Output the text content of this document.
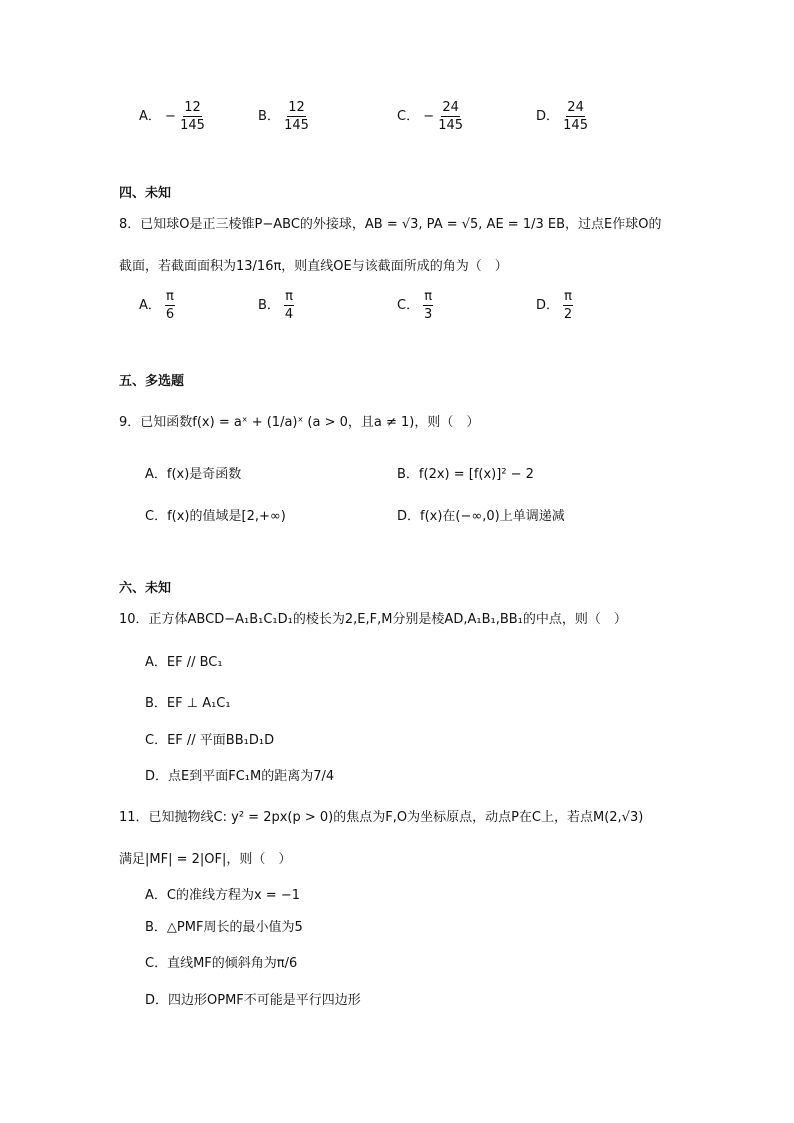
A． − $\frac{12}{145}$	B． $\frac{12}{145}$	C． − $\frac{24}{145}$	D． $\frac{24}{145}$
四、未知
8．已知球O是正三棱锥P−ABC的外接球，AB = √3, PA = √5, AE = 1/3 EB，过点E作球O的
截面，若截面面积为13/16π，则直线OE与该截面所成的角为（　）
A． $\frac{\pi}{6}$	B． $\frac{\pi}{4}$	C． $\frac{\pi}{3}$	D． $\frac{\pi}{2}$
五、多选题
9．已知函数f(x) = aˣ + (1/a)ˣ (a > 0，且a ≠ 1)，则（　）
A．f(x)是奇函数	B．f(2x) = [f(x)]² − 2
C．f(x)的值域是[2,+∞)	D．f(x)在(−∞,0)上单调递减
六、未知
10．正方体ABCD−A₁B₁C₁D₁的棱长为2,E,F,M分别是棱AD,A₁B₁,BB₁的中点，则（　）
A．EF // BC₁
B．EF ⊥ A₁C₁
C．EF // 平面BB₁D₁D
D．点E到平面FC₁M的距离为7/4
11．已知抛物线C: y² = 2px(p > 0)的焦点为F,O为坐标原点，动点P在C上，若点M(2,√3)
满足|MF| = 2|OF|，则（　）
A．C的准线方程为x = −1
B．△PMF周长的最小值为5
C．直线MF的倾斜角为π/6
D．四边形OPMF不可能是平行四边形
